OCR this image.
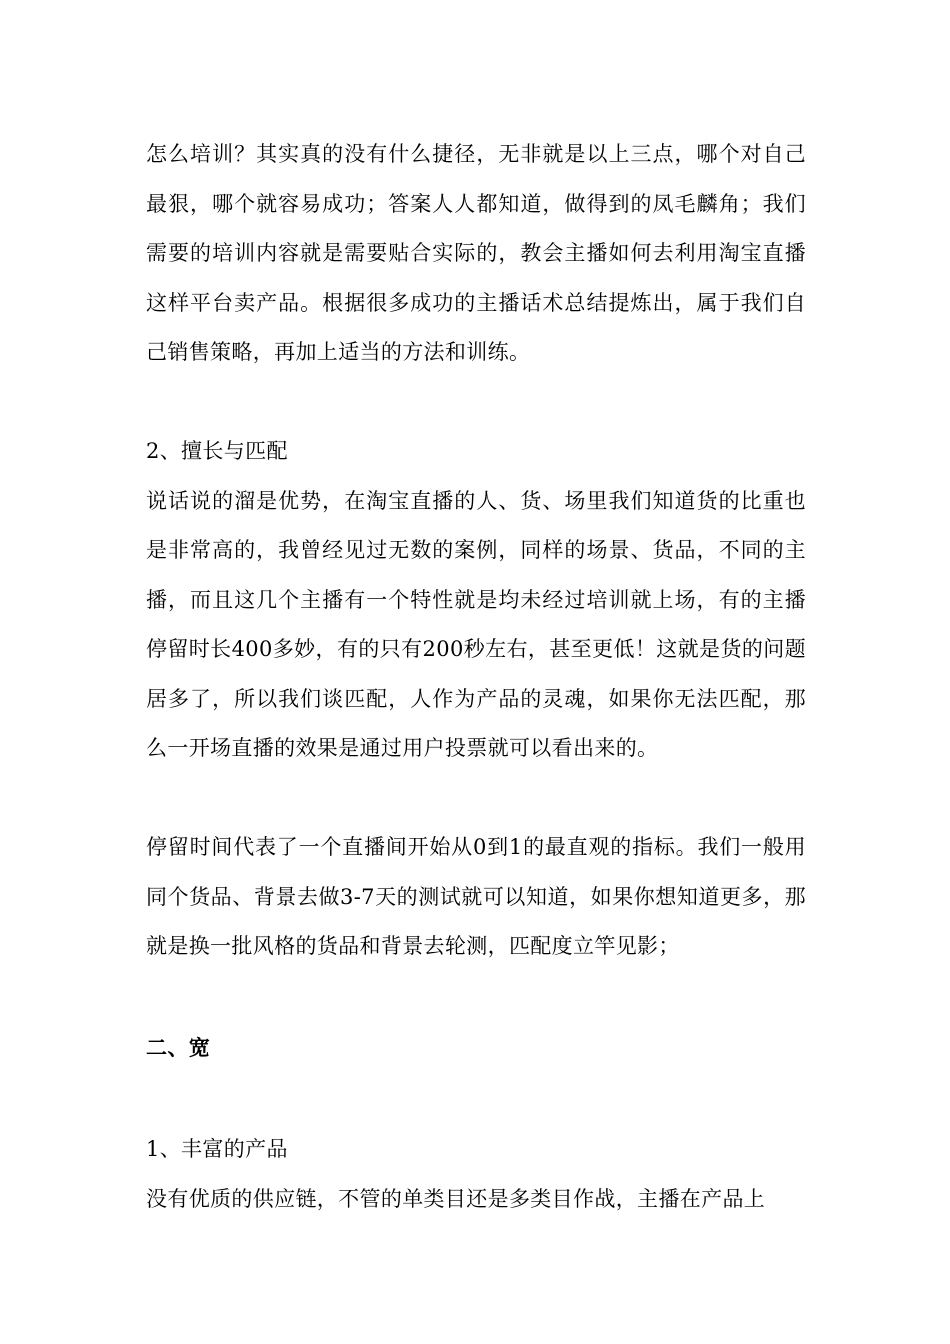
怎么培训？其实真的没有什么捷径，无非就是以上三点，哪个对自己最狠，哪个就容易成功；答案人人都知道，做得到的凤毛麟角；我们需要的培训内容就是需要贴合实际的，教会主播如何去利用淘宝直播这样平台卖产品。根据很多成功的主播话术总结提炼出，属于我们自己销售策略，再加上适当的方法和训练。

2、擅长与匹配

说话说的溜是优势，在淘宝直播的人、货、场里我们知道货的比重也是非常高的，我曾经见过无数的案例，同样的场景、货品，不同的主播，而且这几个主播有一个特性就是均未经过培训就上场，有的主播停留时长400多妙，有的只有200秒左右，甚至更低！这就是货的问题居多了，所以我们谈匹配，人作为产品的灵魂，如果你无法匹配，那么一开场直播的效果是通过用户投票就可以看出来的。

停留时间代表了一个直播间开始从0到1的最直观的指标。我们一般用同个货品、背景去做3-7天的测试就可以知道，如果你想知道更多，那就是换一批风格的货品和背景去轮测，匹配度立竿见影；

二、宽

1、丰富的产品

没有优质的供应链，不管的单类目还是多类目作战，主播在产品上
